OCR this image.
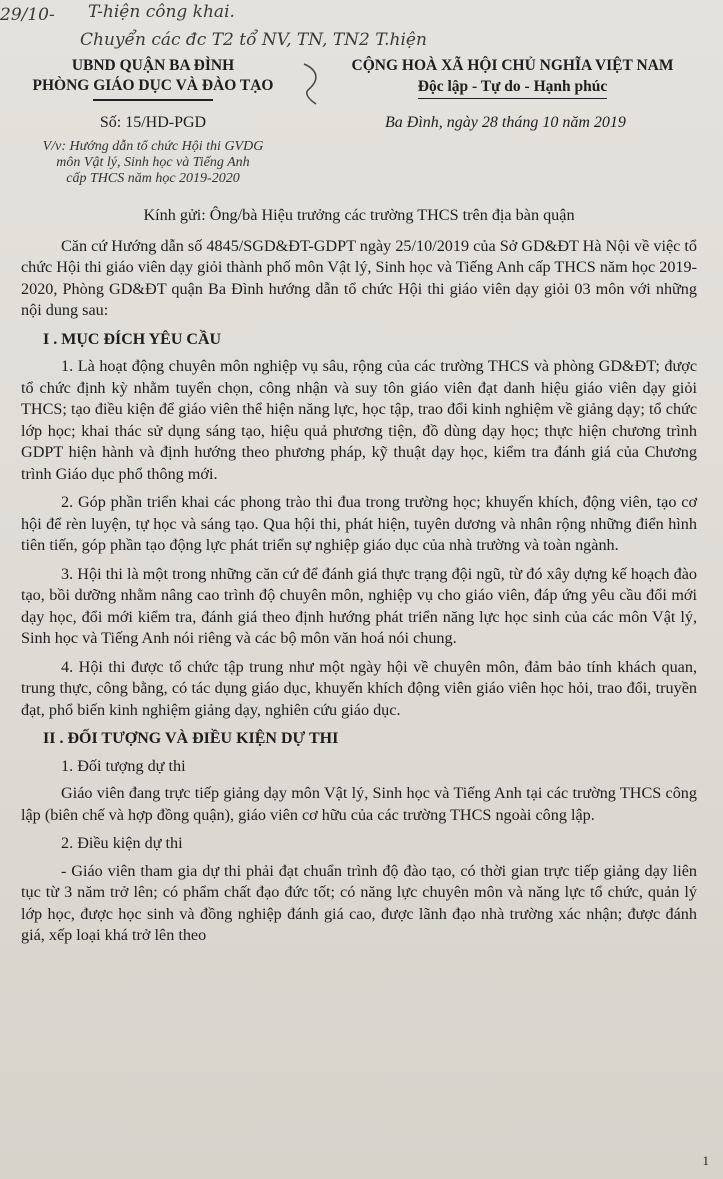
29/10- T-hiện công khai.
Chuyển các đc T2 tổ NV, TN, TN2 T.hiện
UBND QUẬN BA ĐÌNH
PHÒNG GIÁO DỤC VÀ ĐÀO TẠO
CỘNG HOÀ XÃ HỘI CHỦ NGHĨA VIỆT NAM
Độc lập - Tự do - Hạnh phúc
Số: 15/HD-PGD
V/v: Hướng dẫn tổ chức Hội thi GVDG
môn Vật lý, Sinh học và Tiếng Anh
cấp THCS năm học 2019-2020
Ba Đình, ngày 28 tháng 10 năm 2019
Kính gửi: Ông/bà Hiệu trưởng các trường THCS trên địa bàn quận

Căn cứ Hướng dẫn số 4845/SGD&ĐT-GDPT ngày 25/10/2019 của Sở GD&ĐT Hà Nội về việc tổ chức Hội thi giáo viên dạy giỏi thành phố môn Vật lý, Sinh học và Tiếng Anh cấp THCS năm học 2019-2020, Phòng GD&ĐT quận Ba Đình hướng dẫn tổ chức Hội thi giáo viên dạy giỏi 03 môn với những nội dung sau:

I . MỤC ĐÍCH YÊU CẦU

1. Là hoạt động chuyên môn nghiệp vụ sâu, rộng của các trường THCS và phòng GD&ĐT; được tổ chức định kỳ nhằm tuyển chọn, công nhận và suy tôn giáo viên đạt danh hiệu giáo viên dạy giỏi THCS; tạo điều kiện để giáo viên thể hiện năng lực, học tập, trao đổi kinh nghiệm về giảng dạy; tổ chức lớp học; khai thác sử dụng sáng tạo, hiệu quả phương tiện, đồ dùng dạy học; thực hiện chương trình GDPT hiện hành và định hướng theo phương pháp, kỹ thuật dạy học, kiểm tra đánh giá của Chương trình Giáo dục phổ thông mới.

2. Góp phần triển khai các phong trào thi đua trong trường học; khuyến khích, động viên, tạo cơ hội để rèn luyện, tự học và sáng tạo. Qua hội thi, phát hiện, tuyên dương và nhân rộng những điển hình tiên tiến, góp phần tạo động lực phát triển sự nghiệp giáo dục của nhà trường và toàn ngành.

3. Hội thi là một trong những căn cứ để đánh giá thực trạng đội ngũ, từ đó xây dựng kế hoạch đào tạo, bồi dưỡng nhằm nâng cao trình độ chuyên môn, nghiệp vụ cho giáo viên, đáp ứng yêu cầu đổi mới dạy học, đổi mới kiểm tra, đánh giá theo định hướng phát triển năng lực học sinh của các môn Vật lý, Sinh học và Tiếng Anh nói riêng và các bộ môn văn hoá nói chung.

4. Hội thi được tổ chức tập trung như một ngày hội về chuyên môn, đảm bảo tính khách quan, trung thực, công bằng, có tác dụng giáo dục, khuyến khích động viên giáo viên học hỏi, trao đổi, truyền đạt, phổ biến kinh nghiệm giảng dạy, nghiên cứu giáo dục.

II . ĐỐI TƯỢNG VÀ ĐIỀU KIỆN DỰ THI
1. Đối tượng dự thi

Giáo viên đang trực tiếp giảng dạy môn Vật lý, Sinh học và Tiếng Anh tại các trường THCS công lập (biên chế và hợp đồng quận), giáo viên cơ hữu của các trường THCS ngoài công lập.

2. Điều kiện dự thi

- Giáo viên tham gia dự thi phải đạt chuẩn trình độ đào tạo, có thời gian trực tiếp giảng dạy liên tục từ 3 năm trở lên; có phẩm chất đạo đức tốt; có năng lực chuyên môn và năng lực tổ chức, quản lý lớp học, được học sinh và đồng nghiệp đánh giá cao, được lãnh đạo nhà trường xác nhận; được đánh giá, xếp loại khá trở lên theo

1
